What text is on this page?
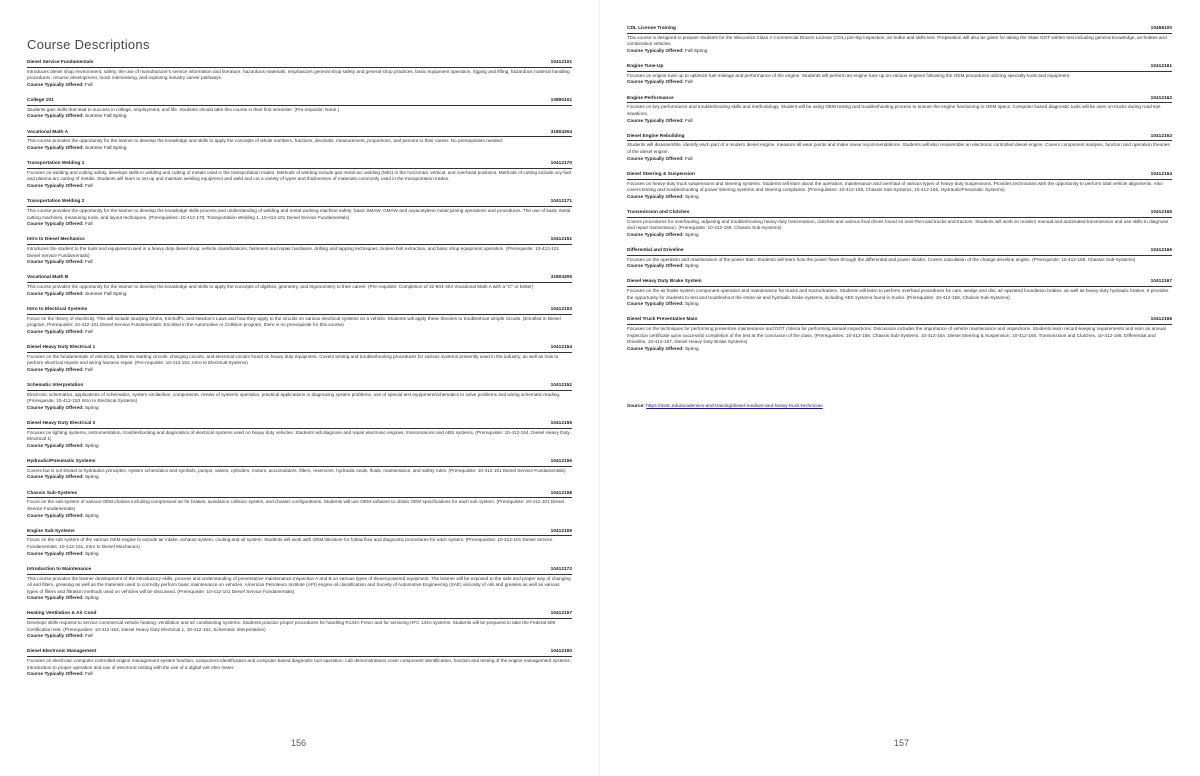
Course Descriptions
Diesel Service Fundamentals	10412101
Introduces diesel shop environment, safety, the use of manufacturer's service information and literature, hazardous materials, emphasizes general shop safety and general shop practices, basic equipment operation, rigging and lifting, hazardous material handling procedures, resume development, mock interviewing, and exploring industry career pathways.
Course Typically Offered: Fall
College 101	10890101
Students gain skills that lead to success in college, employment, and life. Students should take this course in their first semester. (Pre-requisite: None.)
Course Typically Offered: Summer Fall Spring
Vocational Math A	31804304
This course provides the opportunity for the learner to develop the knowledge and skills to apply the concepts of whole numbers, fractions, decimals, measurement, proportions, and percent to their career. No prerequisites needed.
Course Typically Offered: Summer Fall Spring
Transportation Welding 1	10412170
Focuses on welding and cutting safety, develops skills in welding and cutting of metals used in the transportation trades. Methods of welding include gas metal arc welding (MIG) in the horizontal, vertical, and overhead positions. Methods of cutting include oxy-fuel and plasma arc cutting of metals. Students will learn to set up and maintain welding equipment and weld and cut a variety of types and thicknesses of materials commonly used in the transportation trades.
Course Typically Offered: Fall
Transportation Welding 2	10412171
This course provides the opportunity for the learner to develop the knowledge skills process and understanding of welding and metal working machine safety; basic SMAW, GMAW and oxyacetylene metal joining operations and procedures. The use of basic metal cutting machines, measuring tools, and layout techniques. (Prerequisites: 10-412-170, Transportation Welding 1, 10-412-101 Diesel Service Fundamentals)
Course Typically Offered: Fall
Intro to Diesel Mechanics	10412151
Introduces the student to the tools and equipment used in a heavy duty diesel shop; vehicle classifications, fasteners and repair hardware, drilling and tapping techniques, broken bolt extraction, and basic shop equipment operation. (Prerequisite: 10-412-101 Diesel Service Fundamentals)
Course Typically Offered: Fall
Vocational Math B	31804305
This course provides the opportunity for the learner to develop the knowledge and skills to apply the concepts of algebra, geometry, and trigonometry to their career. (Pre-requisite: Completion of 31-804-304 Vocational Math A with a "C" or better)
Course Typically Offered: Summer Fall Spring
Intro to Electrical Systems	10412153
Focus on the theory of electricity. This will include studying Ohms, Kirchoff's, and Newton's Laws and how they apply to the circuits on various electrical systems on a vehicle. Students will apply these theories to troubleshoot simple circuits. (Enrolled in Diesel program, Prerequisite: 10-412-101 Diesel Service Fundamentals; Enrolled in the Automotive or Collision program, there is no prerequisite for this course)
Course Typically Offered: Fall
Diesel Heavy Duty Electrical 1	10412154
Focuses on the fundamentals of electricity, batteries starting circuits, charging circuits, and electrical circuits found on heavy duty equipment. Covers testing and troubleshooting procedures for various systems presently used in the industry, as well as how to perform electrical repairs and wiring harness repair. (Pre-requisite: 10-412-153, Intro to Electrical Systems)
Course Typically Offered: Fall
Schematic Interpretation	10412152
Electronic schematics, applications of schematics, system similarities, components, review of systems operation, practical applications in diagnosing system problems, use of special test equipment/schematics to solve problems and wiring schematic reading. (Prerequisite: 10-412-153 Intro to Electrical Systems)
Course Typically Offered: Spring
Diesel Heavy Duty Electrical 2	10412155
Focuses on lighting systems, instrumentation, troubleshooting and diagnostics of electrical systems used on heavy duty vehicles. Students will diagnose and repair electronic engines, transmissions and ABS systems. (Prerequisite: 10-412-154, Diesel Heavy Duty Electrical 1)
Course Typically Offered: Spring
Hydraulic/Pneumatic Systems	10412156
Covers but is not limited to hydraulics principles, system schematics and symbols, pumps, valves, cylinders, motors, accumulators, filters, reservoirs, hydraulic seals, fluids, maintenance, and safety rules. (Prerequisite: 10-412-101 Diesel Service Fundamentals)
Course Typically Offered: Spring
Chassis Sub-Systems	10412158
Focus on the sub-system of various OEM chassis including compressed air for brakes, avoidance collision system, and chassis configurations. Students will use OEM software to obtain OEM specifications for each sub system. (Prerequisite: 10-412-101 Diesel Service Fundamentals)
Course Typically Offered: Spring
Engine Sub-Systems	10412159
Focus on the sub system of the various OEM engine to include air intake, exhaust system, cooling and oil system. Students will work with OEM literature for follow flow and diagnostic procedures for each system. (Prerequisites: 10-412-101 Diesel Service Fundamentals, 10-412-151, Intro to Diesel Mechanics)
Course Typically Offered: Spring
Introduction to Maintenance	10412172
This course provides the learner development of the introductory skills, process and understanding of preventative maintenance inspection A and B on various types of diesel-powered equipment. The learner will be exposed to the safe and proper way of changing oil and filters, greasing as well as the materials used to correctly perform basic maintenance on vehicles. American Petroleum Institute (API) engine oil classification and Society of Automotive Engineering (SAE) viscosity of oils and greases as well as various types of filters and filtration methods used on vehicles will be discussed. (Prerequisite: 10-412-101 Diesel Service Fundamentals)
Course Typically Offered: Spring
Heating Ventilation & Air Cond	10412157
Develops skills required to service commercial vehicle heating, ventilation and air conditioning systems. Students practice proper procedures for handling R134A Freon and for servicing HFC 134A systems. Students will be prepared to take the Federal 609 Certification test. (Prerequisites: 10-412-154, Diesel Heavy Duty Electrical 1, 10-412-152, Schematic Interpretation)
Course Typically Offered: Fall
Diesel Electronic Management	10412160
Focuses on electronic computer controlled engine management system function, component identification and computer-based diagnostic tool operation. Lab demonstrations cover component identification, function and testing of the engine management systems. Introduction to proper operation and use of electronic testing with the use of a digital volt ohm meter.
Course Typically Offered: Fall
156
CDL License Training	10458100
This course is designed to prepare students for the Wisconsin Class A Commercial Drivers License (CDL) pre-trip inspection, air brake and skills test. Preparation will also be given for taking the State DOT written test including general knowledge, air brakes and combination vehicles.
Course Typically Offered: Fall Spring
Engine Tune-Up	10412161
Focuses on engine tune up to optimize fuel mileage and performance of the engine. Students will perform an engine tune up on various engines following the OEM procedures utilizing specialty tools and equipment.
Course Typically Offered: Fall
Engine Performance	10412162
Focuses on key performance and troubleshooting skills and methodology. Student will be using OEM testing and troubleshooting process to ensure the engine functioning to OEM specs. Computer based diagnostic tools will be uses on trucks during road test situations.
Course Typically Offered: Fall
Diesel Engine Rebuilding	10412163
Students will disassemble, identify each part of a modern diesel engine, measure all wear points and make reuse recommendations. Students will also reassemble an electronic controlled diesel engine. Covers component analysis, function and operation theories of the diesel engine.
Course Typically Offered: Fall
Diesel Steering & Suspension	10412164
Focuses on heavy-duty truck suspensions and steering systems. Students will learn about the operation, maintenance and overhaul of various types of heavy-duty suspensions. Provides technicians with the opportunity to perform total vehicle alignments. Also covers testing and troubleshooting of power steering systems and steering complaints. (Prerequisites: 10-412-158, Chassis Sub-Systems; 10-412-156, Hydraulic/Pneumatic Systems).
Course Typically Offered: Spring
Transmission and Clutches	10412165
Covers procedures for overhauling, adjusting and troubleshooting heavy-duty transmission, clutches and various final drives found on over-the-road trucks and tractors. Students will work on modern manual and automated transmission and use skills to diagnose and repair transmission. (Prerequisite: 10-412-158, Chassis Sub-Systems)
Course Typically Offered: Spring
Differential and Driveline	10412166
Focuses on the operation and maintenance of the power train. Students will learn how the power flows through the differential and power divider. Covers calculation of the change driveline angles. (Prerequisite: 10-412-158, Chassis Sub-Systems)
Course Typically Offered: Spring
Diesel Heavy Duty Brake System	10412167
Focuses on the air brake system component operation and maintenance for trucks and tractor/trailers. Students will learn to perform overhaul procedures for cam, wedge and disc air operated foundation brakes, as well as heavy-duty hydraulic brakes. It provides the opportunity for students to test and troubleshoot the entire air and hydraulic brake systems, including ABS systems found in trucks. (Prerequisite: 10-412-158, Chassis Sub-Systems)
Course Typically Offered: Spring
Diesel Truck Preventative Main	10412168
Focuses on the techniques for performing preventive maintenance and DOT criteria for performing annual inspections. Discussion includes the importance of vehicle maintenance and inspections. Students learn record-keeping requirements and earn an annual inspection certificate upon successful completion of the test at the conclusion of the class. (Prerequisites: 10-412-158, Chassis Sub-Systems, 10-412-164, Diesel Steering & Suspension, 10-412-165, Transmission and Clutches, 10-412-166, Differential and Driveline, 10-412-167, Diesel Heavy Duty Brake Systems)
Course Typically Offered: Spring
Source: https://nwtc.edu/academics-and-training/diesel-medium-and-heavy-truck-technician
157
